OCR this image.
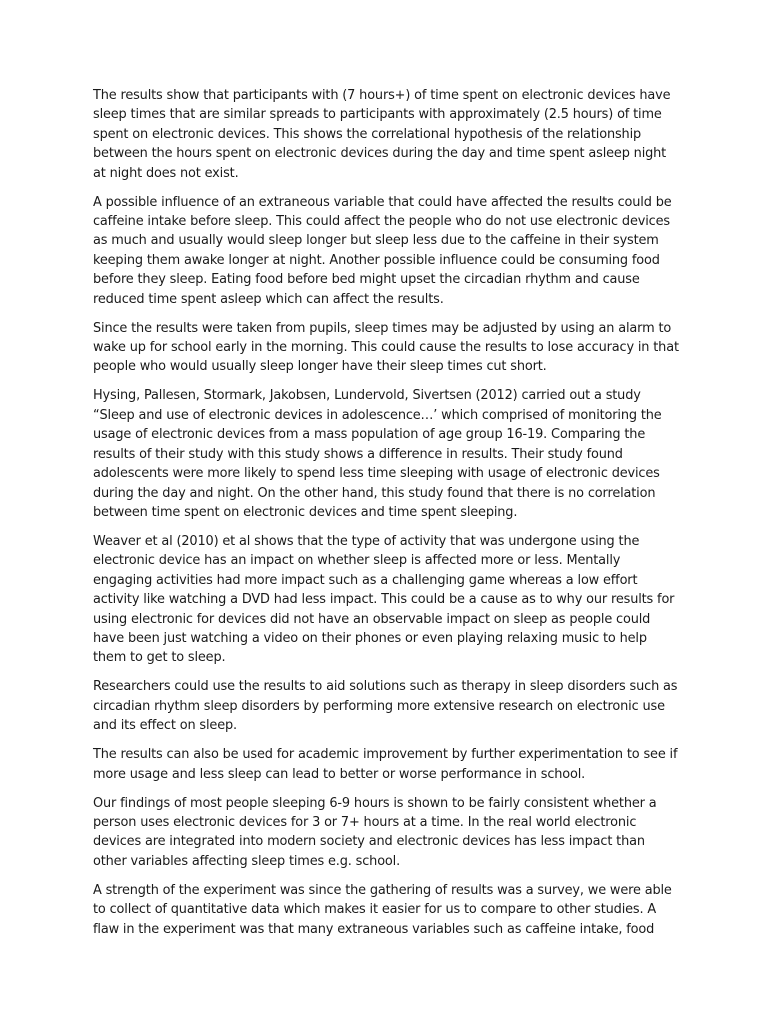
The results show that participants with (7 hours+) of time spent on electronic devices have sleep times that are similar spreads to participants with approximately (2.5 hours) of time spent on electronic devices. This shows the correlational hypothesis of the relationship between the hours spent on electronic devices during the day and time spent asleep night at night does not exist.

A possible influence of an extraneous variable that could have affected the results could be caffeine intake before sleep. This could affect the people who do not use electronic devices as much and usually would sleep longer but sleep less due to the caffeine in their system keeping them awake longer at night. Another possible influence could be consuming food before they sleep. Eating food before bed might upset the circadian rhythm and cause reduced time spent asleep which can affect the results.

Since the results were taken from pupils, sleep times may be adjusted by using an alarm to wake up for school early in the morning. This could cause the results to lose accuracy in that people who would usually sleep longer have their sleep times cut short.

Hysing, Pallesen, Stormark, Jakobsen, Lundervold, Sivertsen (2012) carried out a study “Sleep and use of electronic devices in adolescence…’ which comprised of monitoring the usage of electronic devices from a mass population of age group 16-19. Comparing the results of their study with this study shows a difference in results. Their study found adolescents were more likely to spend less time sleeping with usage of electronic devices during the day and night. On the other hand, this study found that there is no correlation between time spent on electronic devices and time spent sleeping.

Weaver et al (2010) et al shows that the type of activity that was undergone using the electronic device has an impact on whether sleep is affected more or less. Mentally engaging activities had more impact such as a challenging game whereas a low effort activity like watching a DVD had less impact. This could be a cause as to why our results for using electronic for devices did not have an observable impact on sleep as people could have been just watching a video on their phones or even playing relaxing music to help them to get to sleep.

Researchers could use the results to aid solutions such as therapy in sleep disorders such as circadian rhythm sleep disorders by performing more extensive research on electronic use and its effect on sleep.

The results can also be used for academic improvement by further experimentation to see if more usage and less sleep can lead to better or worse performance in school.

Our findings of most people sleeping 6-9 hours is shown to be fairly consistent whether a person uses electronic devices for 3 or 7+ hours at a time. In the real world electronic devices are integrated into modern society and electronic devices has less impact than other variables affecting sleep times e.g. school.

A strength of the experiment was since the gathering of results was a survey, we were able to collect of quantitative data which makes it easier for us to compare to other studies. A flaw in the experiment was that many extraneous variables such as caffeine intake, food
